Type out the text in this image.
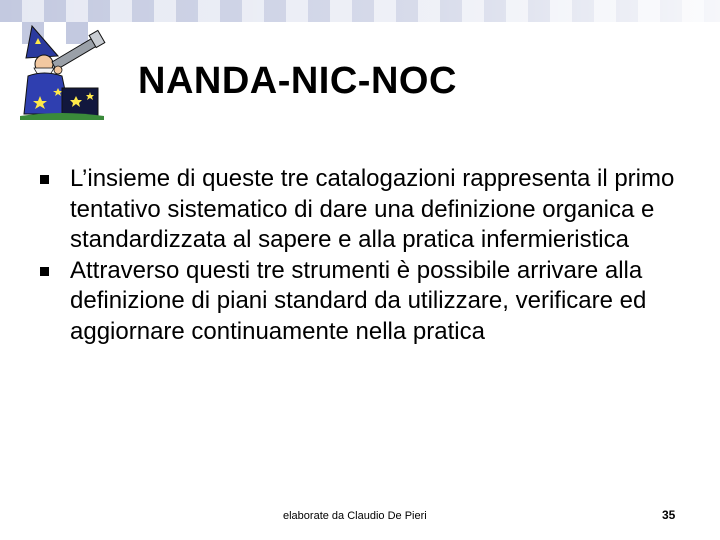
NANDA-NIC-NOC
L’insieme di queste tre catalogazioni rappresenta il primo tentativo sistematico di dare una definizione organica e standardizzata al sapere e alla pratica infermieristica
Attraverso questi tre strumenti è possibile arrivare alla definizione di piani standard da utilizzare, verificare ed aggiornare continuamente nella pratica
elaborate da Claudio De Pieri	35
